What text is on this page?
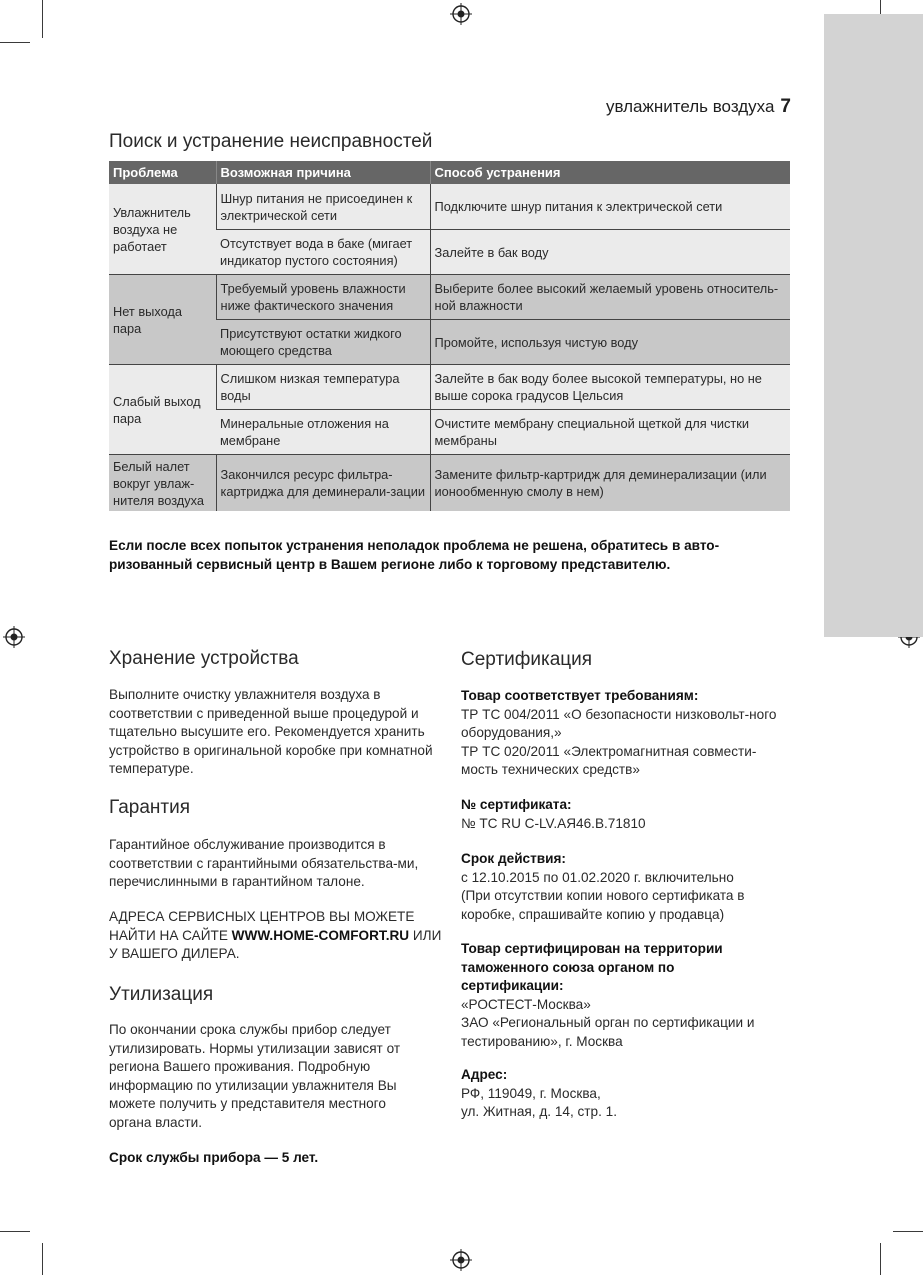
увлажнитель воздуха 7
Поиск и устранение неисправностей
Проблема	Возможная причина	Способ устранения
Увлажнитель воздуха не работает	Шнур питания не присоединен к электрической сети	Подключите шнур питания к электрической сети
	Отсутствует вода в баке (мигает индикатор пустого состояния)	Залейте в бак воду
Нет выхода пара	Требуемый уровень влажности ниже фактического значения	Выберите более высокий желаемый уровень относитель-ной влажности
	Присутствуют остатки жидкого моющего средства	Промойте, используя чистую воду
Слабый выход пара	Слишком низкая температура воды	Залейте в бак воду более высокой температуры, но не выше сорока градусов Цельсия
	Минеральные отложения на мембране	Очистите мембрану специальной щеткой для чистки мембраны
Белый налет вокруг увлаж-нителя воздуха	Закончился ресурс фильтра-картриджа для деминерали-зации	Замените фильтр-картридж для деминерализации (или ионообменную смолу в нем)
Если после всех попыток устранения неполадок проблема не решена, обратитесь в авто-ризованный сервисный центр в Вашем регионе либо к торговому представителю.
Хранение устройства
Выполните очистку увлажнителя воздуха в соответствии с приведенной выше процедурой и тщательно высушите его. Рекомендуется хранить устройство в оригинальной коробке при комнатной температуре.
Гарантия
Гарантийное обслуживание производится в соответствии с гарантийными обязательства-ми, перечислинными в гарантийном талоне.
АДРЕСА СЕРВИСНЫХ ЦЕНТРОВ ВЫ МОЖЕТЕ НАЙТИ НА САЙТЕ WWW.HOME-COMFORT.RU ИЛИ У ВАШЕГО ДИЛЕРА.
Утилизация
По окончании срока службы прибор следует утилизировать. Нормы утилизации зависят от региона Вашего проживания. Подробную информацию по утилизации увлажнителя Вы можете получить у представителя местного органа власти.
Срок службы прибора — 5 лет.
Сертификация
Товар соответствует требованиям:
ТР ТС 004/2011 «О безопасности низковольт-ного оборудования,»
ТР ТС 020/2011 «Электромагнитная совмести-мость технических средств»
№ сертификата:
№ ТС RU С-LV.АЯ46.В.71810
Срок действия:
с 12.10.2015 по 01.02.2020 г. включительно
(При отсутствии копии нового сертификата в коробке, спрашивайте копию у продавца)
Товар сертифицирован на территории таможенного союза органом по сертификации:
«РОСТЕСТ-Москва»
ЗАО «Региональный орган по сертификации и тестированию», г. Москва
Адрес:
РФ, 119049, г. Москва,
ул. Житная, д. 14, стр. 1.
